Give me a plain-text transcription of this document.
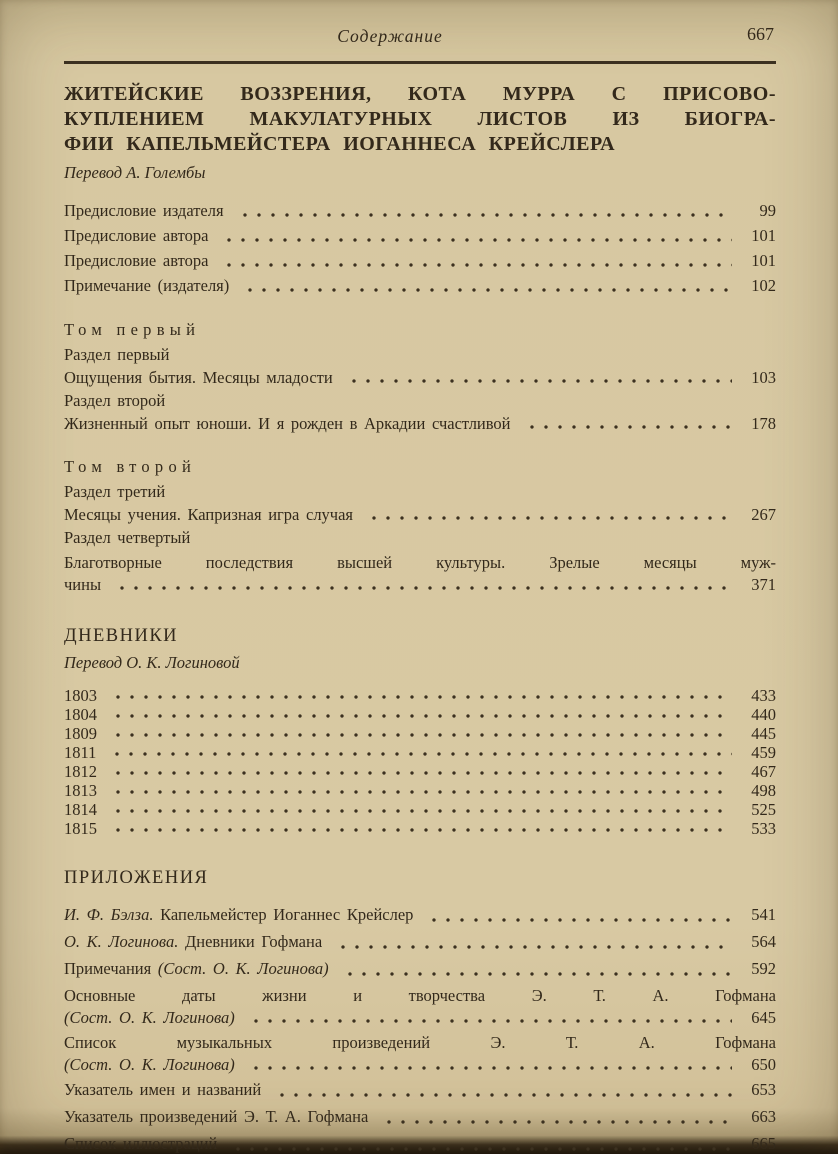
Содержание	667
ЖИТЕЙСКИЕ ВОЗЗРЕНИЯ, КОТА МУРРА С ПРИСОВО-
КУПЛЕНИЕМ МАКУЛАТУРНЫХ ЛИСТОВ ИЗ БИОГРА-
ФИИ КАПЕЛЬМЕЙСТЕРА ИОГАННЕСА КРЕЙСЛЕРА
Перевод А. Голембы
Предисловие издателя	99
Предисловие автора	101
Предисловие автора	101
Примечание (издателя)	102
Том первый
Раздел первый
Ощущения бытия. Месяцы младости	103
Раздел второй
Жизненный опыт юноши. И я рожден в Аркадии счастливой	178
Том второй
Раздел третий
Месяцы учения. Капризная игра случая	267
Раздел четвертый
Благотворные последствия высшей культуры. Зрелые месяцы муж-
чины	371
ДНЕВНИКИ
Перевод О. К. Логиновой
1803	433
1804	440
1809	445
1811	459
1812	467
1813	498
1814	525
1815	533
ПРИЛОЖЕНИЯ
И. Ф. Бэлза. Капельмейстер Иоганнес Крейслер	541
О. К. Логинова. Дневники Гофмана	564
Примечания (Сост. О. К. Логинова)	592
Основные даты жизни и творчества Э. Т. А. Гофмана
(Сост. О. К. Логинова)	645
Список музыкальных произведений Э. Т. А. Гофмана
(Сост. О. К. Логинова)	650
Указатель имен и названий	653
Указатель произведений Э. Т. А. Гофмана	663
Список иллюстраций	665
